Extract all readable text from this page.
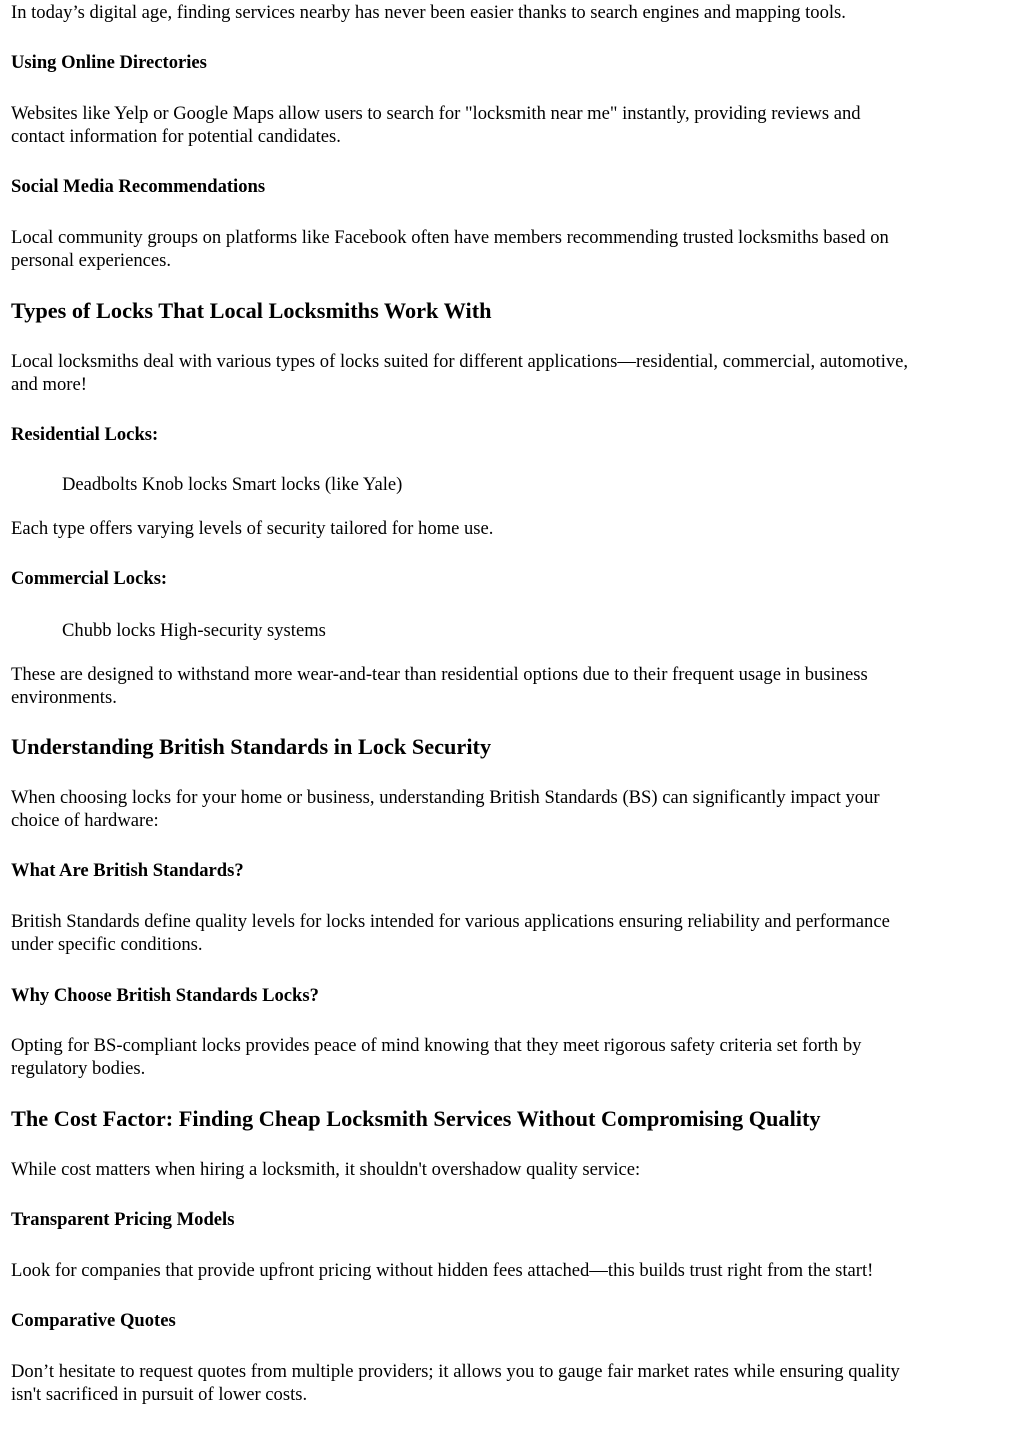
In today’s digital age, finding services nearby has never been easier thanks to search engines and mapping tools.

Using Online Directories

Websites like Yelp or Google Maps allow users to search for "locksmith near me" instantly, providing reviews and

contact information for potential candidates.

Social Media Recommendations

Local community groups on platforms like Facebook often have members recommending trusted locksmiths based on

personal experiences.

Types of Locks That Local Locksmiths Work With

Local locksmiths deal with various types of locks suited for different applications—residential, commercial, automotive,

and more!

Residential Locks:

Deadbolts Knob locks Smart locks (like Yale)

Each type offers varying levels of security tailored for home use.

Commercial Locks:

Chubb locks High-security systems

These are designed to withstand more wear-and-tear than residential options due to their frequent usage in business

environments.

Understanding British Standards in Lock Security

When choosing locks for your home or business, understanding British Standards (BS) can significantly impact your

choice of hardware:

What Are British Standards?

British Standards define quality levels for locks intended for various applications ensuring reliability and performance

under specific conditions.

Why Choose British Standards Locks?

Opting for BS-compliant locks provides peace of mind knowing that they meet rigorous safety criteria set forth by

regulatory bodies.

The Cost Factor: Finding Cheap Locksmith Services Without Compromising Quality

While cost matters when hiring a locksmith, it shouldn't overshadow quality service:

Transparent Pricing Models

Look for companies that provide upfront pricing without hidden fees attached—this builds trust right from the start!

Comparative Quotes

Don’t hesitate to request quotes from multiple providers; it allows you to gauge fair market rates while ensuring quality

isn't sacrificed in pursuit of lower costs.
